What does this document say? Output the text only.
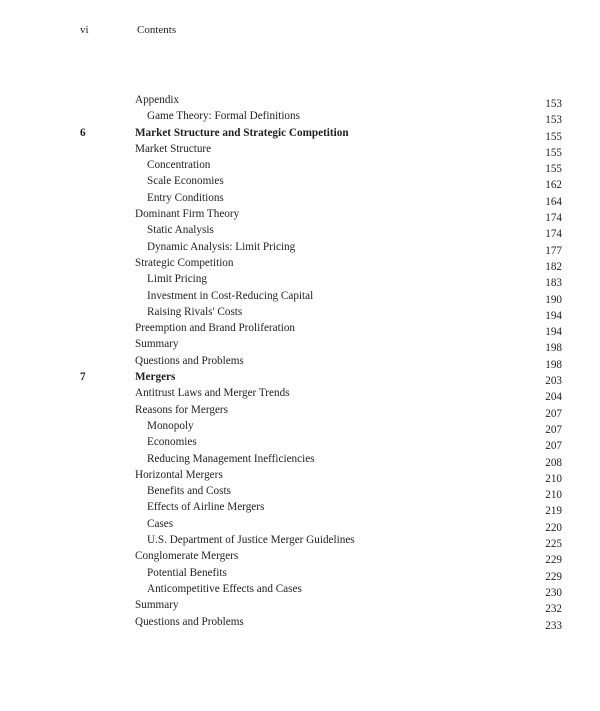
vi	Contents
Appendix	153
Game Theory: Formal Definitions	153
6	Market Structure and Strategic Competition	155
Market Structure	155
Concentration	155
Scale Economies	162
Entry Conditions	164
Dominant Firm Theory	174
Static Analysis	174
Dynamic Analysis: Limit Pricing	177
Strategic Competition	182
Limit Pricing	183
Investment in Cost-Reducing Capital	190
Raising Rivals' Costs	194
Preemption and Brand Proliferation	194
Summary	198
Questions and Problems	198
7	Mergers	203
Antitrust Laws and Merger Trends	204
Reasons for Mergers	207
Monopoly	207
Economies	207
Reducing Management Inefficiencies	208
Horizontal Mergers	210
Benefits and Costs	210
Effects of Airline Mergers	219
Cases	220
U.S. Department of Justice Merger Guidelines	225
Conglomerate Mergers	229
Potential Benefits	229
Anticompetitive Effects and Cases	230
Summary	232
Questions and Problems	233
